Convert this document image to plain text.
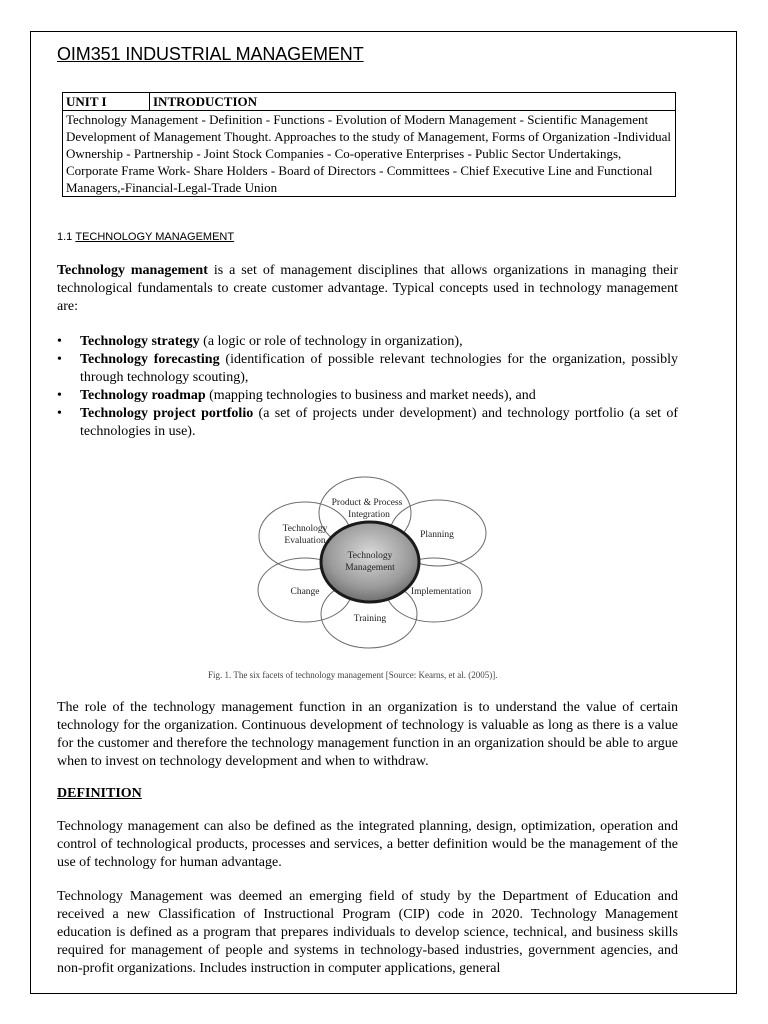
OIM351 INDUSTRIAL MANAGEMENT
UNIT I	INTRODUCTION
Technology Management - Definition - Functions - Evolution of Modern Management - Scientific Management Development of Management Thought. Approaches to the study of Management, Forms of Organization -Individual Ownership - Partnership - Joint Stock Companies - Co-operative Enterprises - Public Sector Undertakings, Corporate Frame Work- Share Holders - Board of Directors - Committees - Chief Executive Line and Functional Managers,-Financial-Legal-Trade Union
1.1 TECHNOLOGY MANAGEMENT
Technology management is a set of management disciplines that allows organizations in managing their technological fundamentals to create customer advantage. Typical concepts used in technology management are:
• Technology strategy (a logic or role of technology in organization),
• Technology forecasting (identification of possible relevant technologies for the organization, possibly through technology scouting),
• Technology roadmap (mapping technologies to business and market needs), and
• Technology project portfolio (a set of projects under development) and technology portfolio (a set of technologies in use).
Technology
Management
Product & Process
Integration
Planning
Implementation
Training
Change
Technology
Evaluation
Fig. 1. The six facets of technology management [Source: Kearns, et al. (2005)].
The role of the technology management function in an organization is to understand the value of certain technology for the organization. Continuous development of technology is valuable as long as there is a value for the customer and therefore the technology management function in an organization should be able to argue when to invest on technology development and when to withdraw.
DEFINITION
Technology management can also be defined as the integrated planning, design, optimization, operation and control of technological products, processes and services, a better definition would be the management of the use of technology for human advantage.
Technology Management was deemed an emerging field of study by the Department of Education and received a new Classification of Instructional Program (CIP) code in 2020. Technology Management education is defined as a program that prepares individuals to develop science, technical, and business skills required for management of people and systems in technology-based industries, government agencies, and non-profit organizations. Includes instruction in computer applications, general
